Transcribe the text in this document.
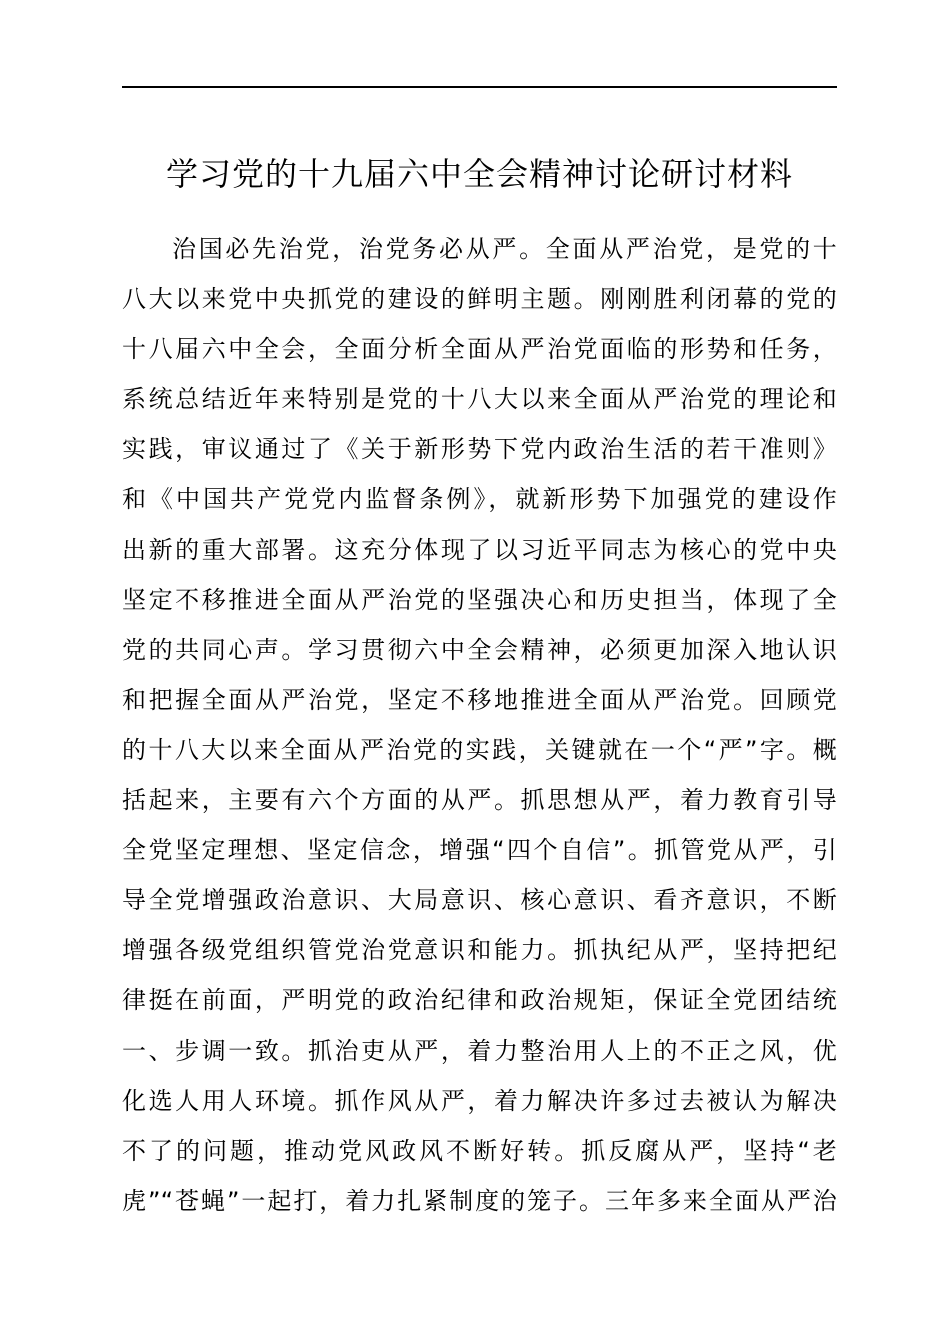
学习党的十九届六中全会精神讨论研讨材料
治国必先治党，治党务必从严。全面从严治党，是党的十
八大以来党中央抓党的建设的鲜明主题。刚刚胜利闭幕的党的
十八届六中全会，全面分析全面从严治党面临的形势和任务，
系统总结近年来特别是党的十八大以来全面从严治党的理论和
实践，审议通过了《关于新形势下党内政治生活的若干准则》
和《中国共产党党内监督条例》，就新形势下加强党的建设作
出新的重大部署。这充分体现了以习近平同志为核心的党中央
坚定不移推进全面从严治党的坚强决心和历史担当，体现了全
党的共同心声。学习贯彻六中全会精神，必须更加深入地认识
和把握全面从严治党，坚定不移地推进全面从严治党。回顾党
的十八大以来全面从严治党的实践，关键就在一个“严”字。概
括起来，主要有六个方面的从严。抓思想从严，着力教育引导
全党坚定理想、坚定信念，增强“四个自信”。抓管党从严，引
导全党增强政治意识、大局意识、核心意识、看齐意识，不断
增强各级党组织管党治党意识和能力。抓执纪从严，坚持把纪
律挺在前面，严明党的政治纪律和政治规矩，保证全党团结统
一、步调一致。抓治吏从严，着力整治用人上的不正之风，优
化选人用人环境。抓作风从严，着力解决许多过去被认为解决
不了的问题，推动党风政风不断好转。抓反腐从严，坚持“老
虎”“苍蝇”一起打，着力扎紧制度的笼子。三年多来全面从严治
